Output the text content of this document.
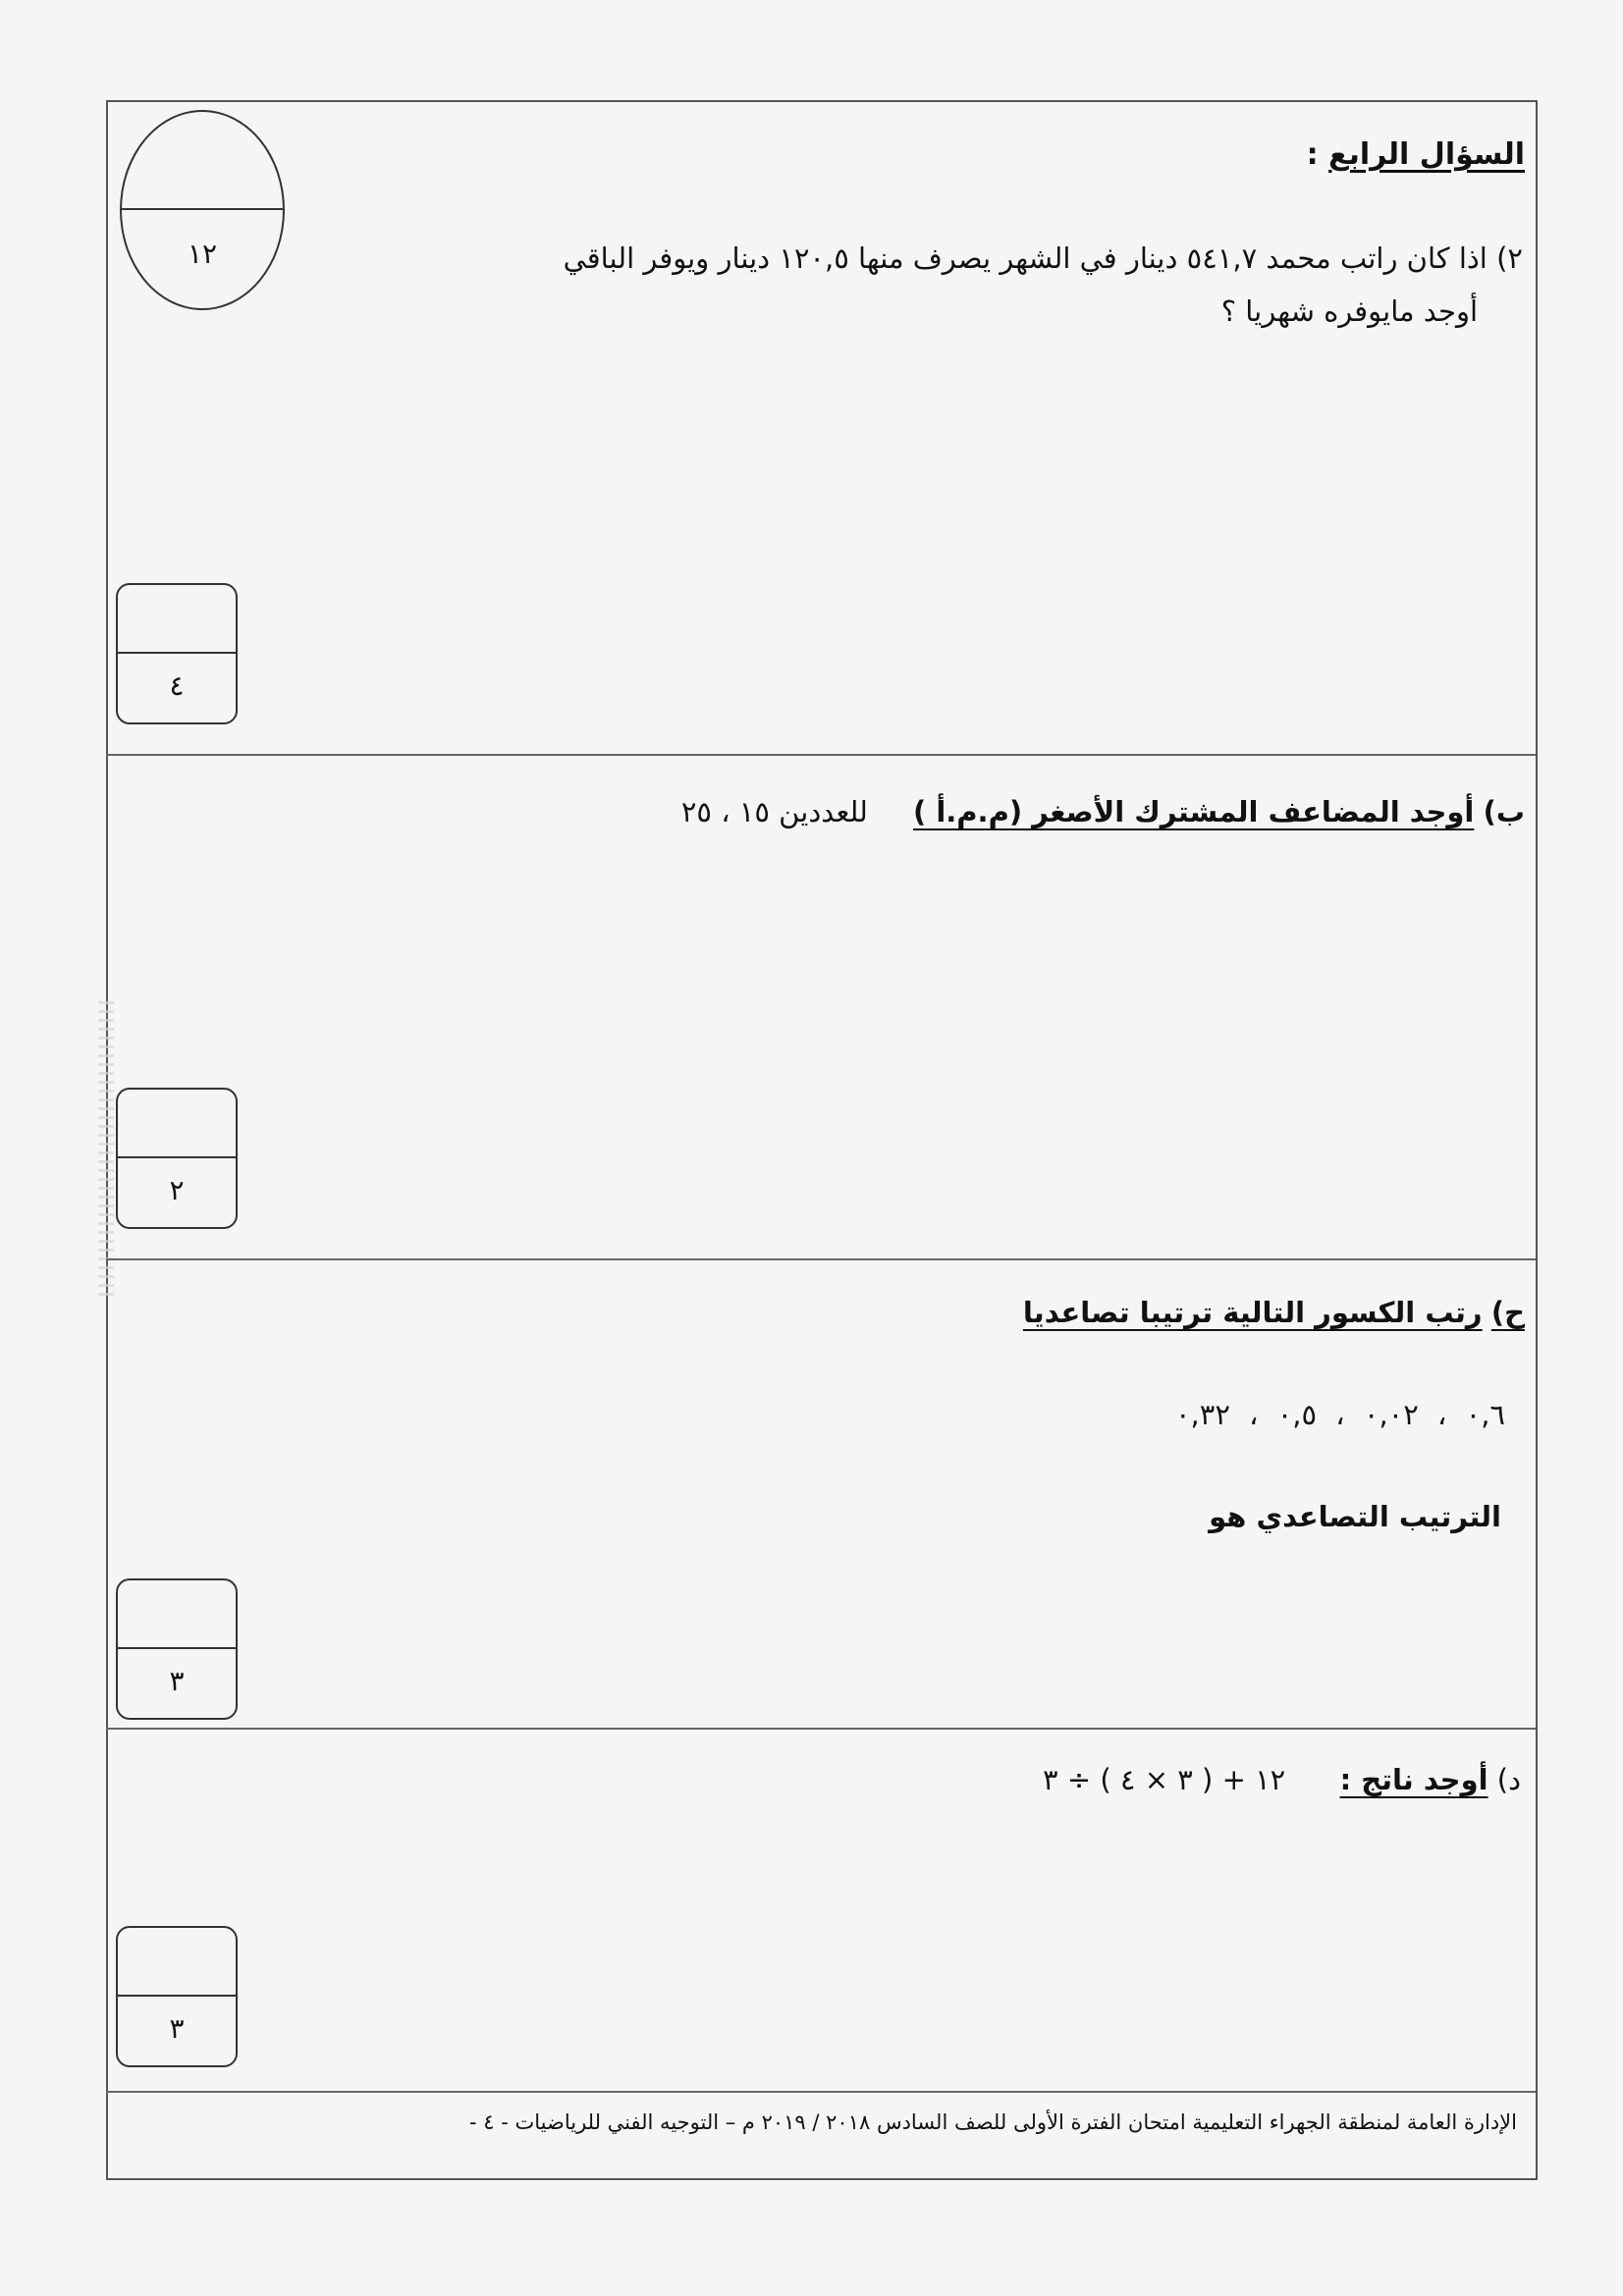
السؤال الرابع :
١٢	٢) اذا كان راتب محمد ٥٤١,٧ دينار في الشهر يصرف منها ١٢٠,٥ دينار ويوفر الباقي
أوجد مايوفره شهريا ؟
٤
ب) أوجد المضاعف المشترك الأصغر (م.م.أ )     للعددين ١٥ ، ٢٥
٢
ح) رتب الكسور التالية ترتيبا تصاعديا
٠,٦ ، ٠,٠٢ ، ٠,٥ ، ٠,٣٢
الترتيب التصاعدي هو
٣
د) أوجد ناتج :      ١٢ + ( ٣ × ٤ ) ÷ ٣
٣
الإدارة العامة لمنطقة الجهراء التعليمية امتحان الفترة الأولى للصف السادس ٢٠١٨ / ٢٠١٩ م – التوجيه الفني للرياضيات - ٤ -
